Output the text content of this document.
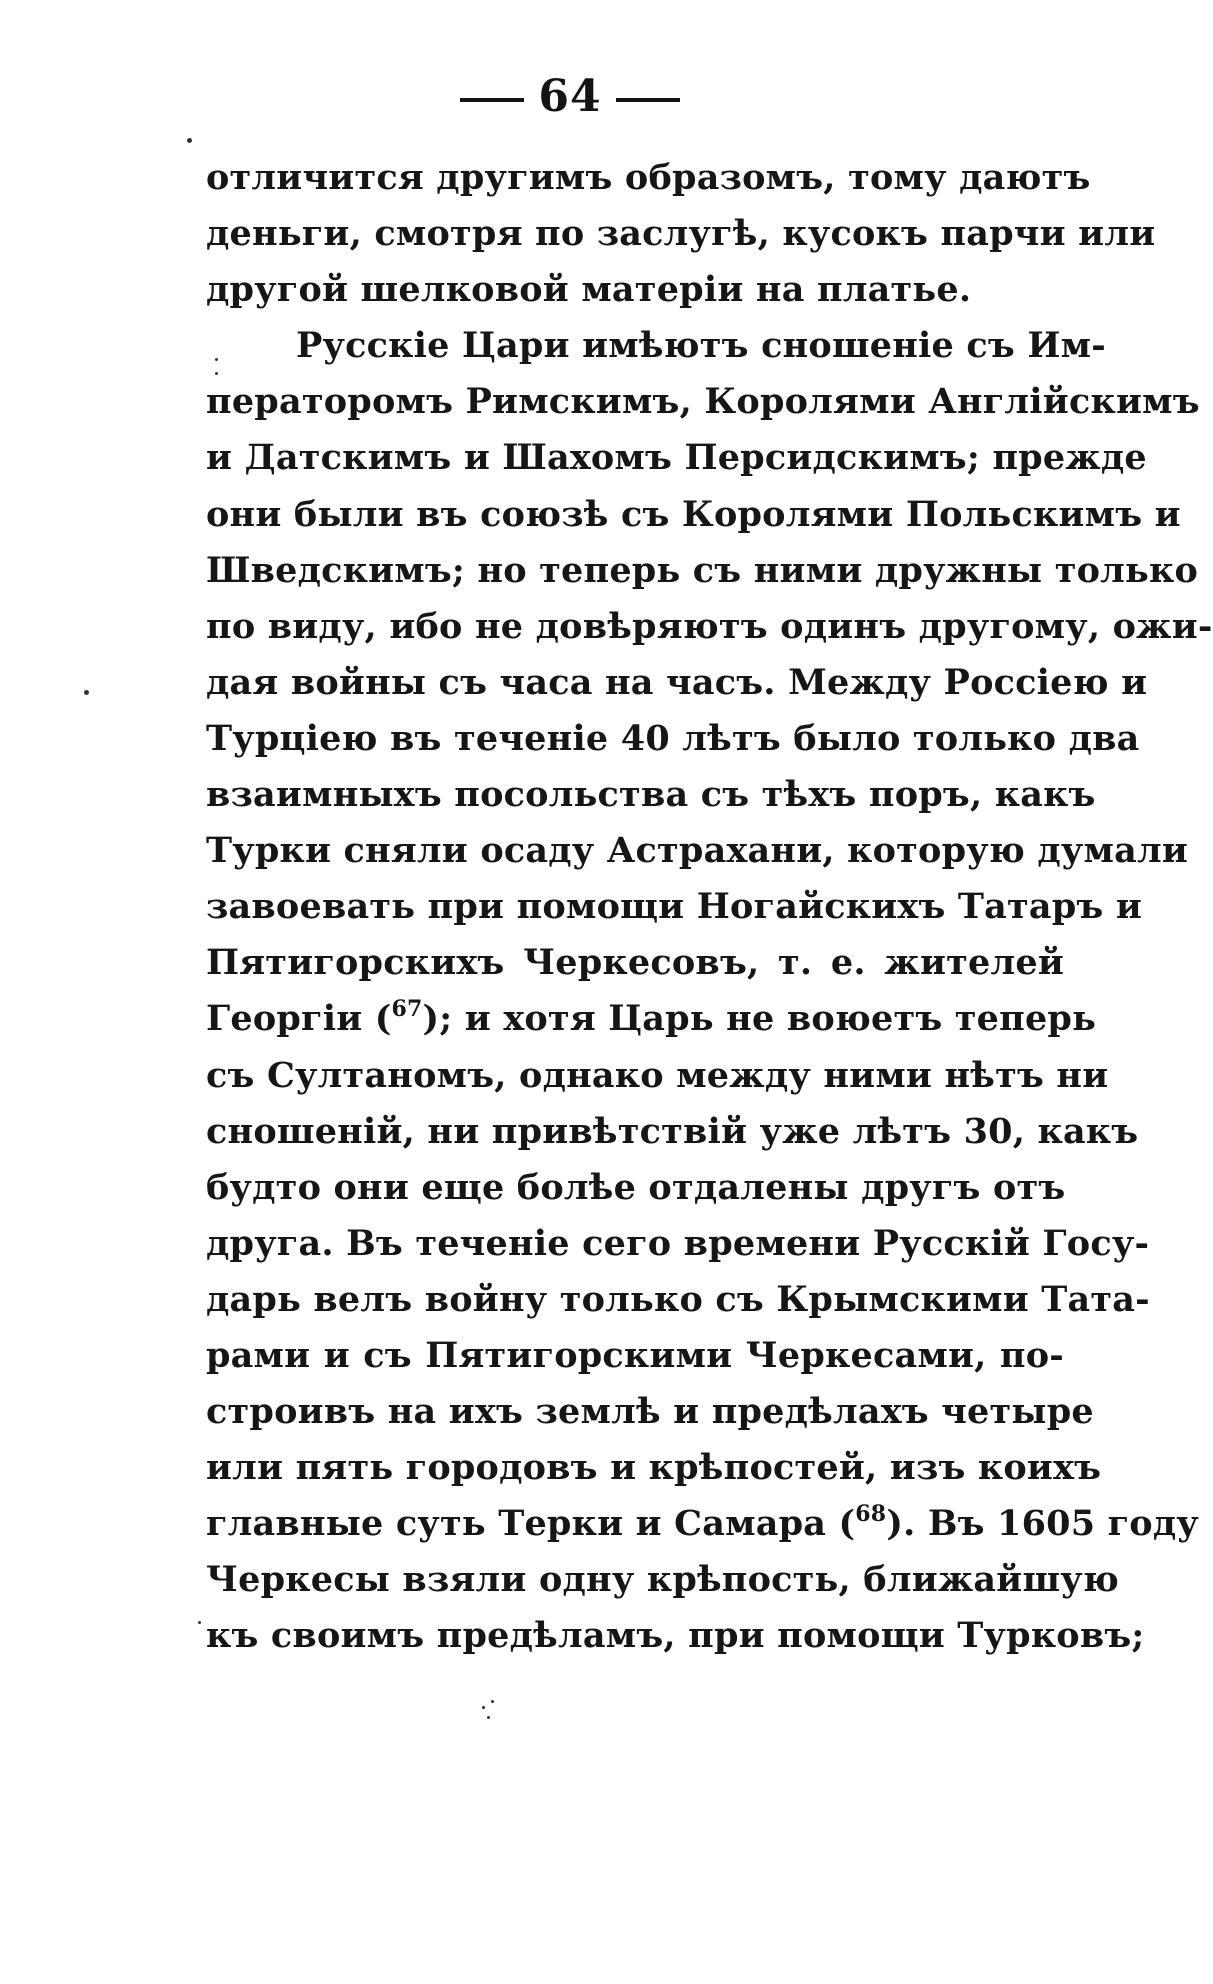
64
отличится другимъ образомъ, тому даютъ
деньги, смотря по заслугѣ, кусокъ парчи или
другой шелковой матеріи на платье.
Русскіе Цари имѣютъ сношеніе съ Им-
ператоромъ Римскимъ, Королями Англійскимъ
и Датскимъ и Шахомъ Персидскимъ; прежде
они были въ союзѣ съ Королями Польскимъ и
Шведскимъ; но теперь съ ними дружны только
по виду, ибо не довѣряютъ одинъ другому, ожи-
дая войны съ часа на часъ. Между Россіею и
Турціею въ теченіе 40 лѣтъ было только два
взаимныхъ посольства съ тѣхъ поръ, какъ
Турки сняли осаду Астрахани, которую думали
завоевать при помощи Ногайскихъ Татаръ и
Пятигорскихъ Черкесовъ, т. е. жителей
Георгіи ($^{67}$); и хотя Царь не воюетъ теперь
съ Султаномъ, однако между ними нѣтъ ни
сношеній, ни привѣтствій уже лѣтъ 30, какъ
будто они еще болѣе отдалены другъ отъ
друга. Въ теченіе сего времени Русскій Госу-
дарь велъ войну только съ Крымскими Тата-
рами и съ Пятигорскими Черкесами, по-
строивъ на ихъ землѣ и предѣлахъ четыре
или пять городовъ и крѣпостей, изъ коихъ
главные суть Терки и Самара ($^{68}$). Въ 1605 году
Черкесы взяли одну крѣпость, ближайшую
къ своимъ предѣламъ, при помощи Турковъ;
